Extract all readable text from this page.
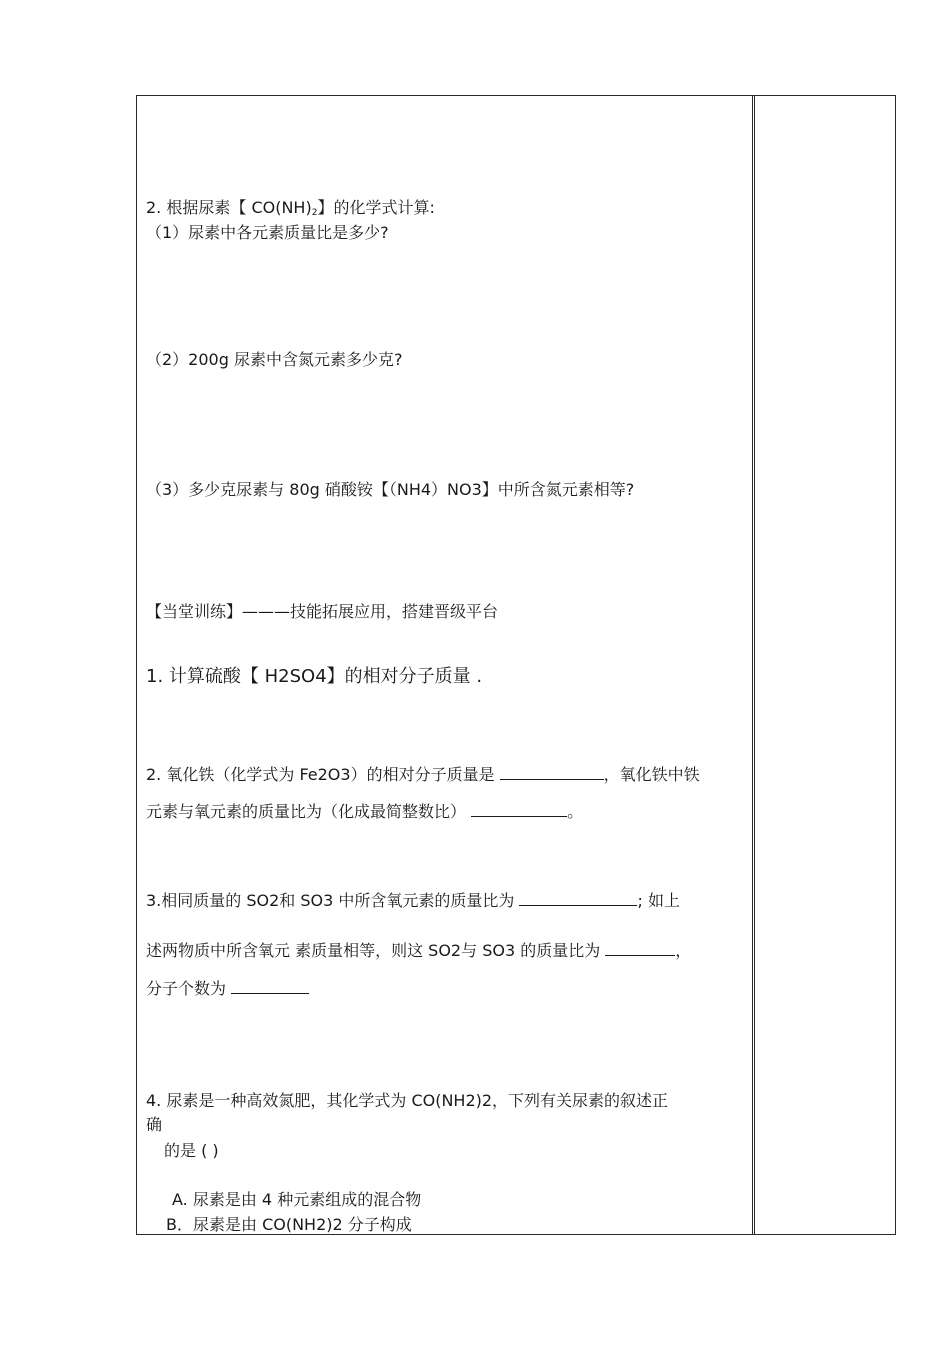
2. 根据尿素【 $CO(NH)_2$】的化学式计算:
（1）尿素中各元素质量比是多少?
（2）200g 尿素中含氮元素多少克?
（3）多少克尿素与 80g 硝酸铵【（NH4）NO3】中所含氮元素相等?
【当堂训练】———技能拓展应用，搭建晋级平台
1. 计算硫酸【 H2SO4】的相对分子质量 .
2. 氧化铁（化学式为 Fe2O3）的相对分子质量是	，氧化铁中铁
元素与氧元素的质量比为（化成最简整数比）	。
3.相同质量的 SO2和 SO3 中所含氧元素的质量比为	; 如上
述两物质中所含氧元 素质量相等，则这 SO2与 SO3 的质量比为	，
分子个数为
4. 尿素是一种高效氮肥，其化学式为 CO(NH2)2，下列有关尿素的叙述正
确
的是 ( )
A. 尿素是由 4 种元素组成的混合物
B．尿素是由 CO(NH2)2 分子构成
